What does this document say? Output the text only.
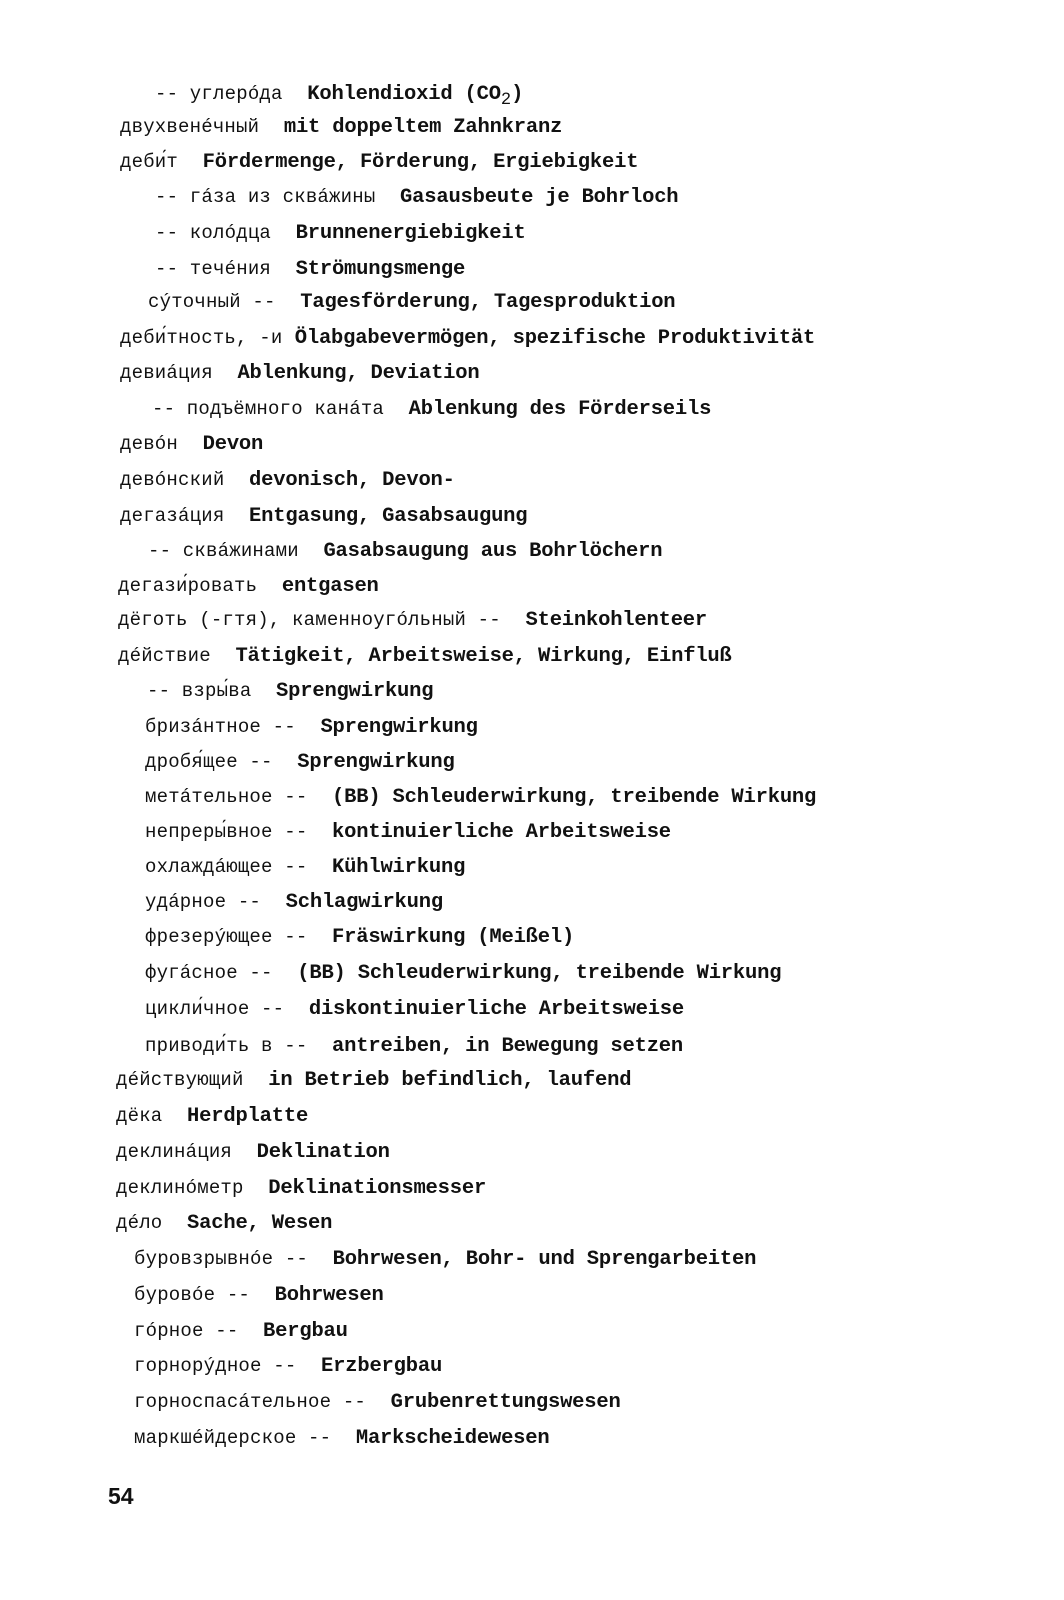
-- углерóда Kohlendioxid $(CO_2)$
двухвенéчный mit doppeltem Zahnkranz
деби́т Fördermenge, Förderung, Ergiebigkeit
-- гáза из сквáжины Gasausbeute je Bohrloch
-- колóдца Brunnenergiebigkeit
-- течéния Strömungsmenge
сýточный -- Tagesförderung, Tagesproduktion
деби́тность, -и Ölabgabevermögen, spezifische Produktivität
девиáция Ablenkung, Deviation
-- подъёмного канáта Ablenkung des Förderseils
девóн Devon
девóнский devonisch, Devon-
дегазáция Entgasung, Gasabsaugung
-- сквáжинами Gasabsaugung aus Bohrlöchern
дегази́ровать entgasen
дёготь (-гтя), каменноугóльный -- Steinkohlenteer
дéйствие Tätigkeit, Arbeitsweise, Wirkung, Einfluß
-- взры́ва Sprengwirkung
бризáнтное -- Sprengwirkung
дробя́щее -- Sprengwirkung
метáтельное -- (BB) Schleuderwirkung, treibende Wirkung
непреры́вное -- kontinuierliche Arbeitsweise
охлаждáющее -- Kühlwirkung
удáрное -- Schlagwirkung
фрезерýющее -- Fräswirkung (Meißel)
фугáсное -- (BB) Schleuderwirkung, treibende Wirkung
цикли́чное -- diskontinuierliche Arbeitsweise
приводи́ть в -- antreiben, in Bewegung setzen
дéйствующий in Betrieb befindlich, laufend
дёка Herdplatte
деклинáция Deklination
деклинóметр Deklinationsmesser
дéло Sache, Wesen
буровзрывнóе -- Bohrwesen, Bohr- und Sprengarbeiten
буровóе -- Bohrwesen
гóрное -- Bergbau
горнорýдное -- Erzbergbau
горноспасáтельное -- Grubenrettungswesen
маркшéйдерское -- Markscheidewesen
54
